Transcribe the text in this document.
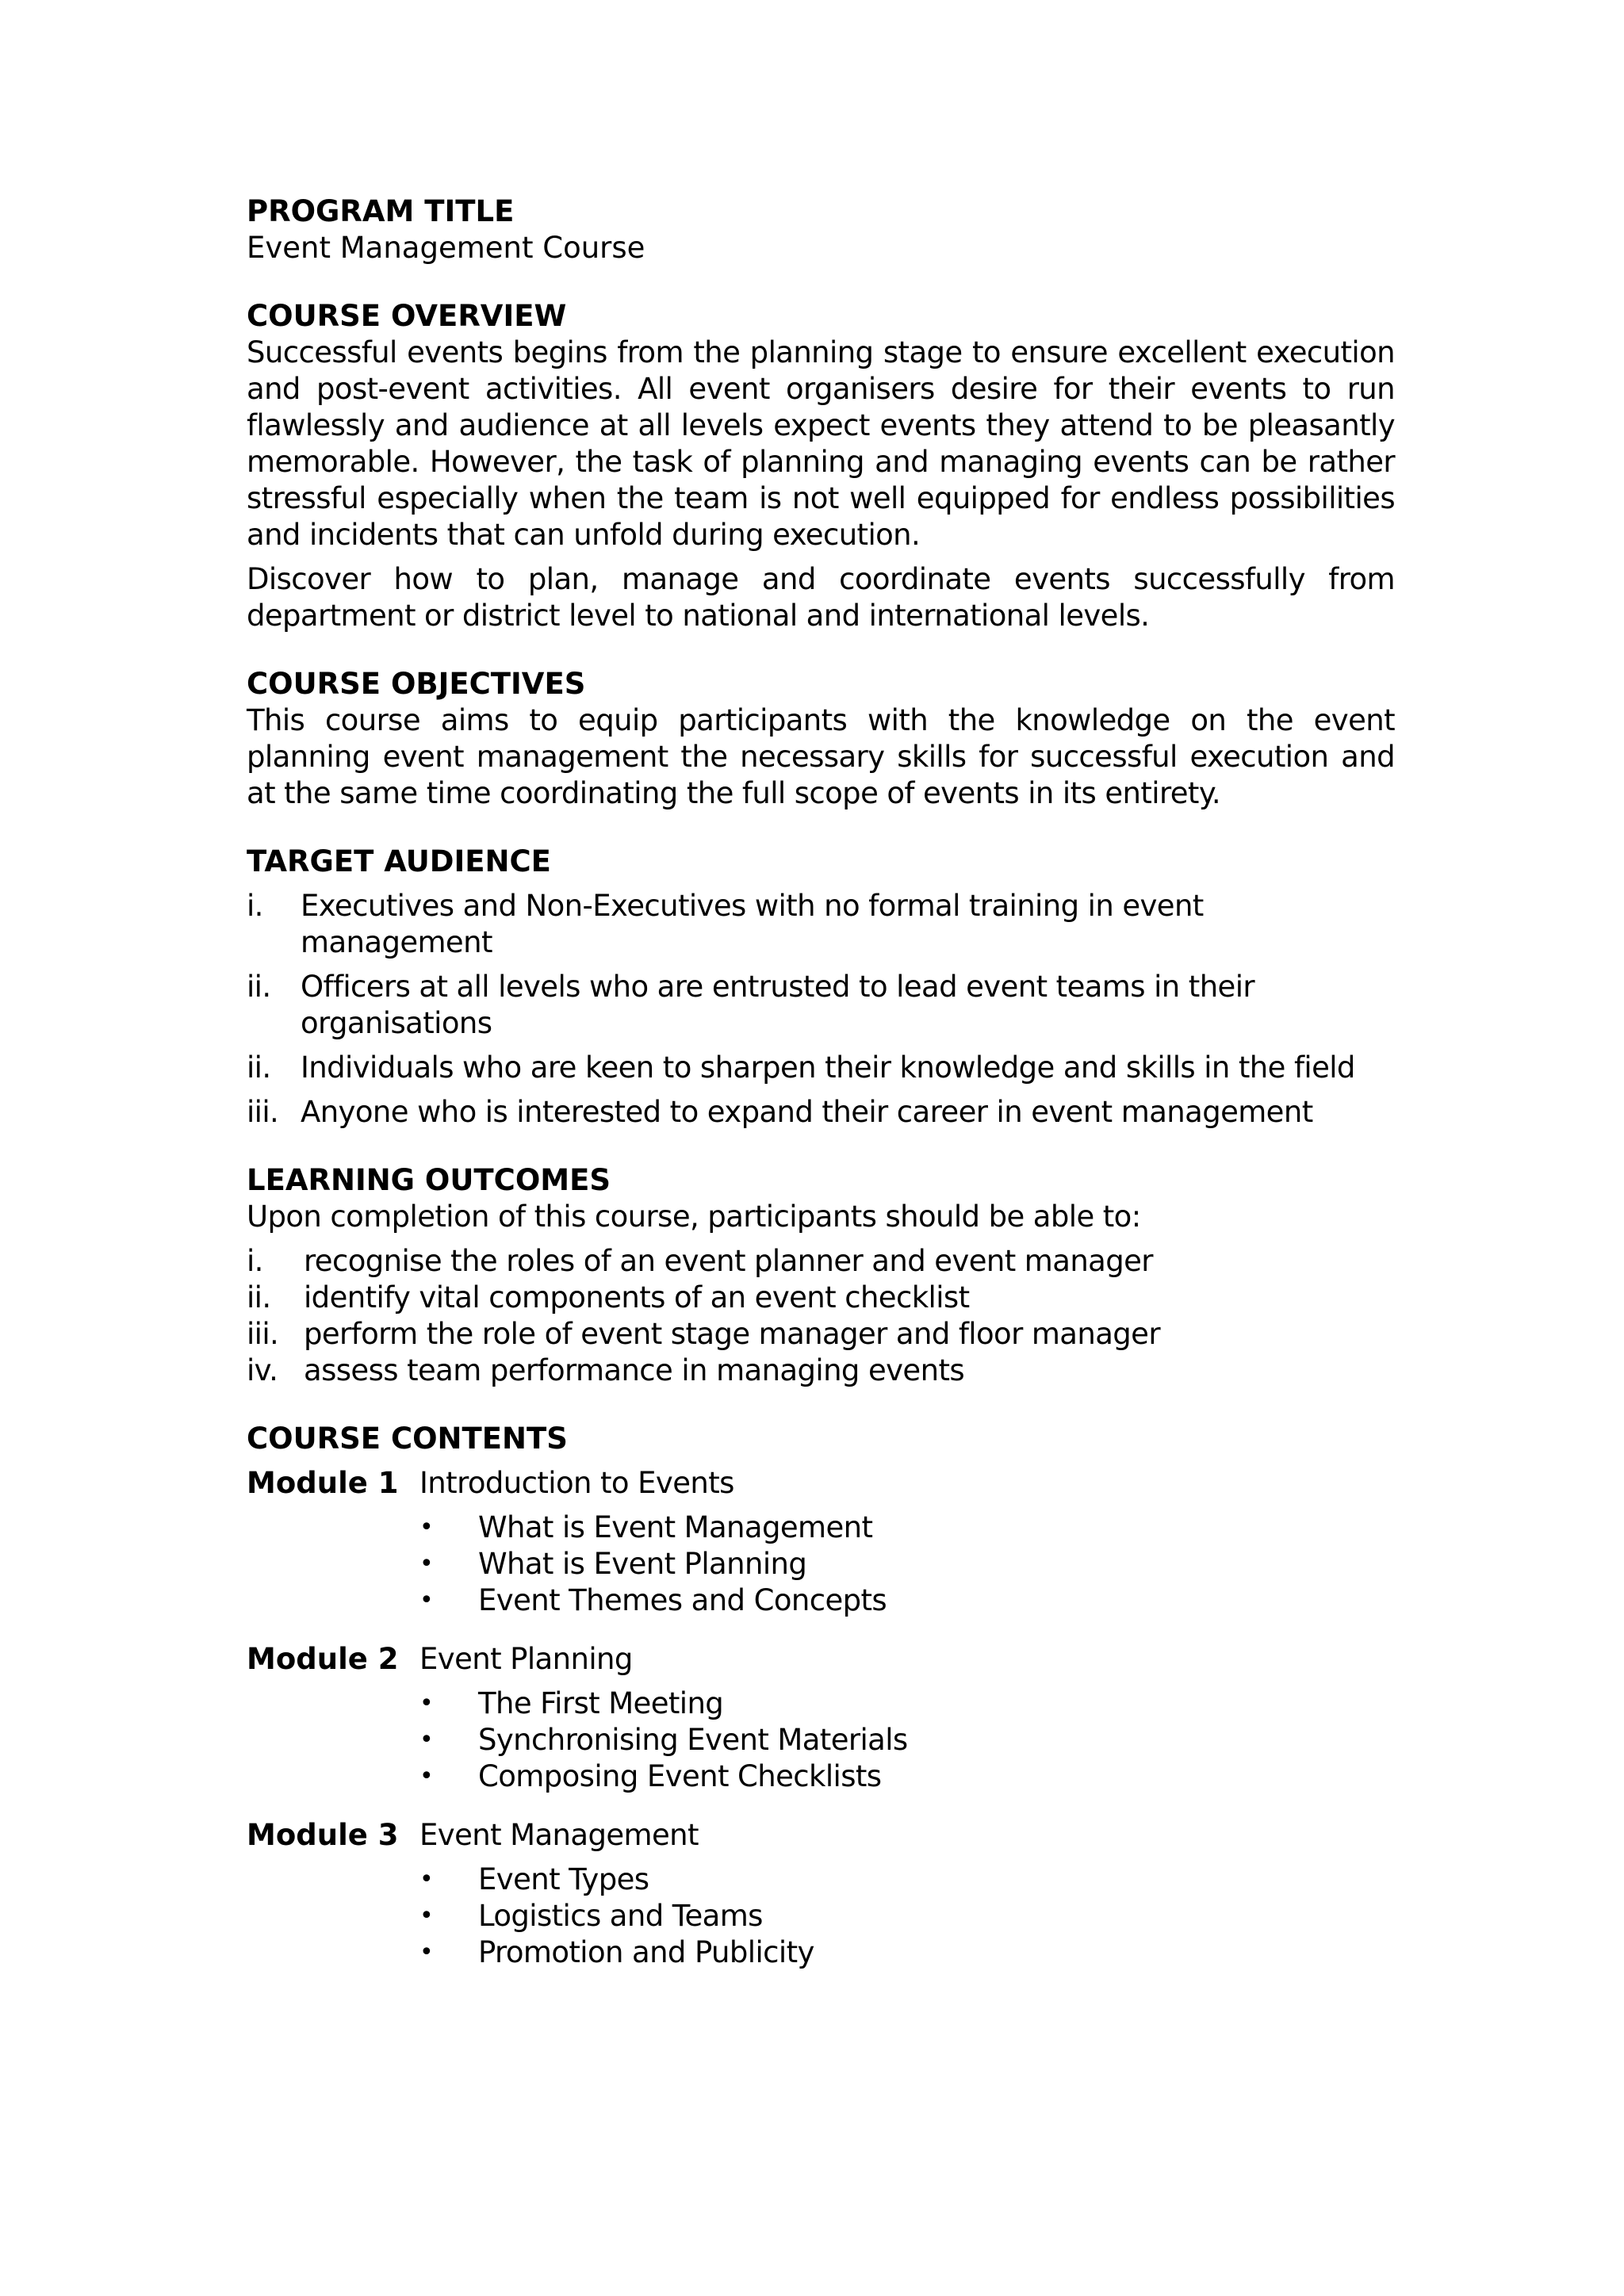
PROGRAM TITLE

Event Management Course

COURSE OVERVIEW

Successful events begins from the planning stage to ensure excellent execution and post-event activities. All event organisers desire for their events to run flawlessly and audience at all levels expect events they attend to be pleasantly memorable. However, the task of planning and managing events can be rather stressful especially when the team is not well equipped for endless possibilities and incidents that can unfold during execution.

Discover how to plan, manage and coordinate events successfully from department or district level to national and international levels.

COURSE OBJECTIVES

This course aims to equip participants with the knowledge on the event planning event management the necessary skills for successful execution and at the same time coordinating the full scope of events in its entirety.

TARGET AUDIENCE

i.	Executives and Non-Executives with no formal training in event management
ii.	Officers at all levels who are entrusted to lead event teams in their organisations
ii.	Individuals who are keen to sharpen their knowledge and skills in the field
iii. Anyone who is interested to expand their career in event management

LEARNING OUTCOMES

Upon completion of this course, participants should be able to:

i.	recognise the roles of an event planner and event manager
ii.	identify vital components of an event checklist
iii. perform the role of event stage manager and floor manager
iv. assess team performance in managing events

COURSE CONTENTS

Module 1 Introduction to Events
•	What is Event Management
•	What is Event Planning
•	Event Themes and Concepts
Module 2 Event Planning
•	The First Meeting
•	Synchronising Event Materials
•	Composing Event Checklists
Module 3 Event Management
•	Event Types
•	Logistics and Teams
•	Promotion and Publicity
